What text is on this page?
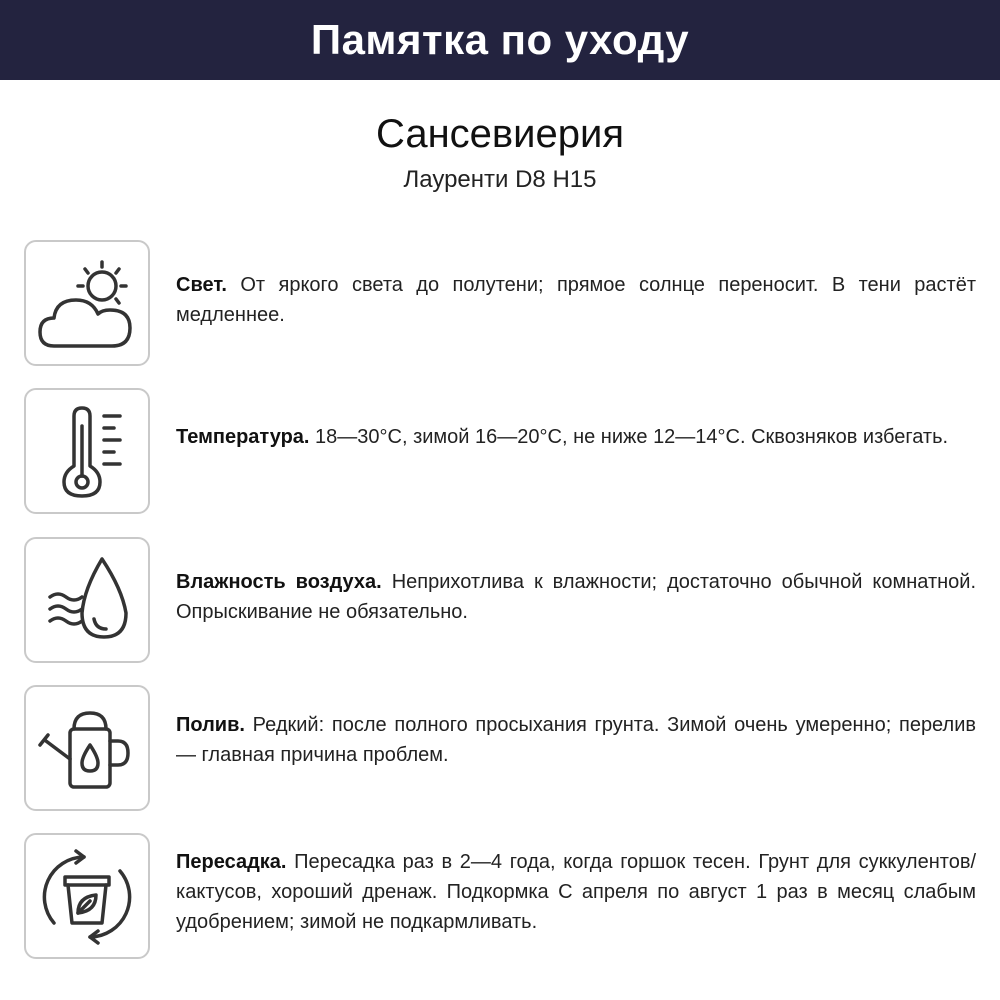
Памятка по уходу
Сансевиерия
Лауренти D8 H15
Свет. От яркого света до полутени; прямое солнце переносит. В тени растёт медленнее.
Температура. 18—30°C, зимой 16—20°C, не ниже 12—14°C. Сквозняков избегать.
Влажность воздуха. Неприхотлива к влажности; достаточно обычной комнатной. Опрыскивание не обязательно.
Полив. Редкий: после полного просыхания грунта. Зимой очень умеренно; перелив — главная причина проблем.
Пересадка. Пересадка раз в 2—4 года, когда горшок тесен. Грунт для суккулентов/кактусов, хороший дренаж. Подкормка С апреля по август 1 раз в месяц слабым удобрением; зимой не подкармливать.
